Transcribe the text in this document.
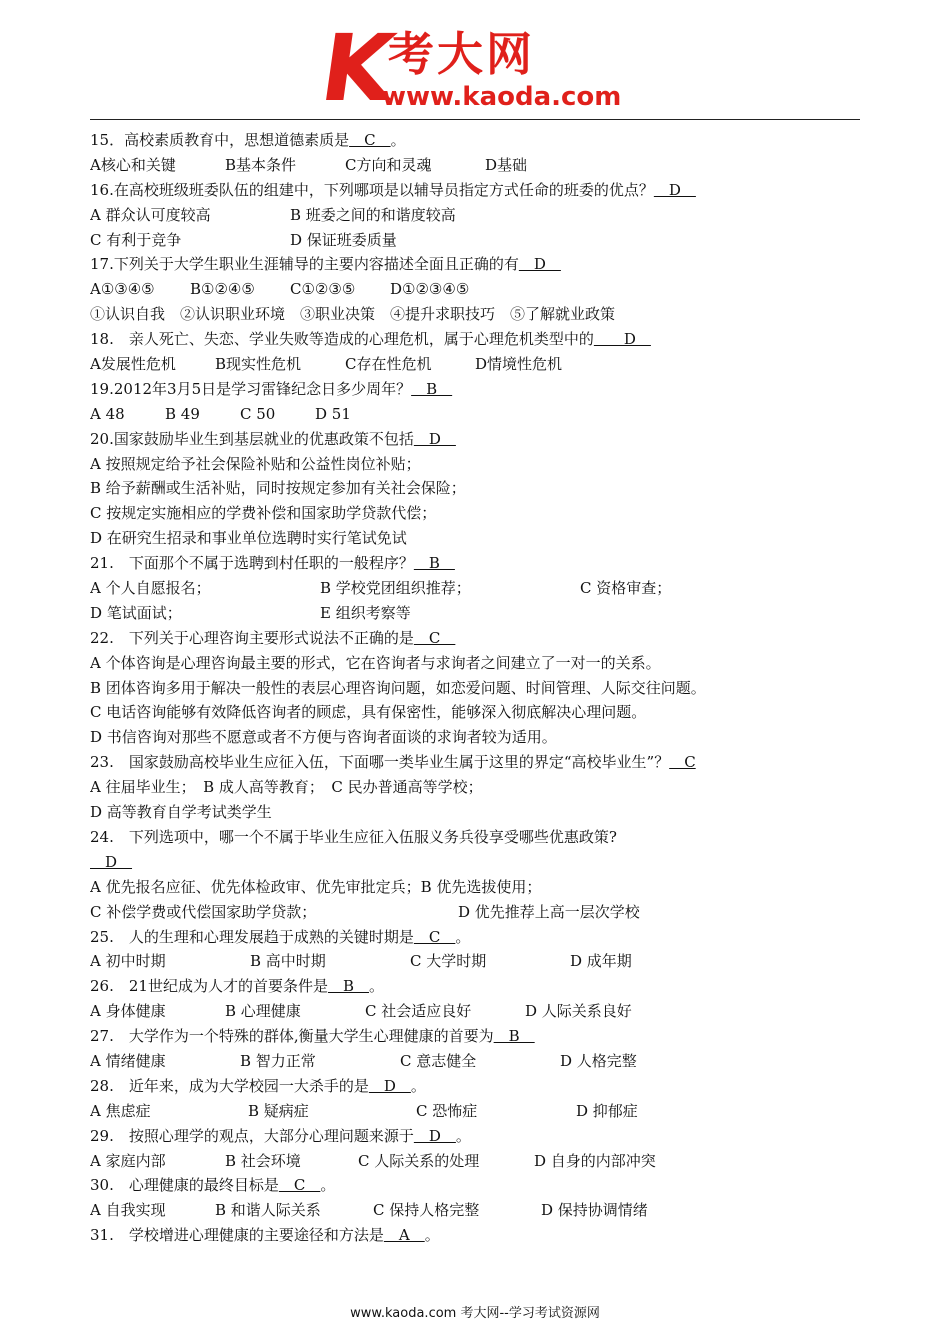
K
考大网
www.kaoda.com
15．高校素质教育中，思想道德素质是　C　。
A核心和关键	B基本条件	C方向和灵魂	D基础
16.在高校班级班委队伍的组建中，下列哪项是以辅导员指定方式任命的班委的优点？　D　
A 群众认可度较高	B 班委之间的和谐度较高
C 有利于竞争	D 保证班委质量
17.下列关于大学生职业生涯辅导的主要内容描述全面且正确的有　D　
A①③④⑤ B①②④⑤ C①②③⑤ D①②③④⑤
①认识自我　②认识职业环境　③职业决策　④提升求职技巧　⑤了解就业政策
18.　亲人死亡、失恋、学业失败等造成的心理危机，属于心理危机类型中的　　D　
A发展性危机	B现实性危机	C存在性危机	D情境性危机
19.2012年3月5日是学习雷锋纪念日多少周年？　B　
A 48	B 49	C 50	D 51
20.国家鼓励毕业生到基层就业的优惠政策不包括　D　
A 按照规定给予社会保险补贴和公益性岗位补贴；
B 给予薪酬或生活补贴，同时按规定参加有关社会保险；
C 按规定实施相应的学费补偿和国家助学贷款代偿；
D 在研究生招录和事业单位选聘时实行笔试免试
21.　下面那个不属于选聘到村任职的一般程序？　B　
A 个人自愿报名；	B 学校党团组织推荐；	C 资格审查；
D 笔试面试；	E 组织考察等
22.　下列关于心理咨询主要形式说法不正确的是　C　
A 个体咨询是心理咨询最主要的形式，它在咨询者与求询者之间建立了一对一的关系。
B 团体咨询多用于解决一般性的表层心理咨询问题，如恋爱问题、时间管理、人际交往问题。
C 电话咨询能够有效降低咨询者的顾虑，具有保密性，能够深入彻底解决心理问题。
D 书信咨询对那些不愿意或者不方便与咨询者面谈的求询者较为适用。
23.　国家鼓励高校毕业生应征入伍，下面哪一类毕业生属于这里的界定“高校毕业生”？　C
A 往届毕业生；　B 成人高等教育；　C 民办普通高等学校；
D 高等教育自学考试类学生
24.　下列选项中，哪一个不属于毕业生应征入伍服义务兵役享受哪些优惠政策?
　D　
A 优先报名应征、优先体检政审、优先审批定兵；B 优先选拔使用；
C 补偿学费或代偿国家助学贷款；	D 优先推荐上高一层次学校
25.　人的生理和心理发展趋于成熟的关键时期是　C　。
A 初中时期	B 高中时期	C 大学时期	D 成年期
26.　21世纪成为人才的首要条件是　B　。
A 身体健康	B 心理健康	C 社会适应良好	D 人际关系良好
27.　大学作为一个特殊的群体,衡量大学生心理健康的首要为　B　
A 情绪健康	B 智力正常	C 意志健全	D 人格完整
28.　近年来，成为大学校园一大杀手的是　D　。
A 焦虑症	B 疑病症	C 恐怖症	D 抑郁症
29.　按照心理学的观点，大部分心理问题来源于　D　。
A 家庭内部	B 社会环境	C 人际关系的处理	D 自身的内部冲突
30.　心理健康的最终目标是　C　。
A 自我实现	B 和谐人际关系	C 保持人格完整	D 保持协调情绪
31.　学校增进心理健康的主要途径和方法是　A　。
www.kaoda.com 考大网--学习考试资源网
